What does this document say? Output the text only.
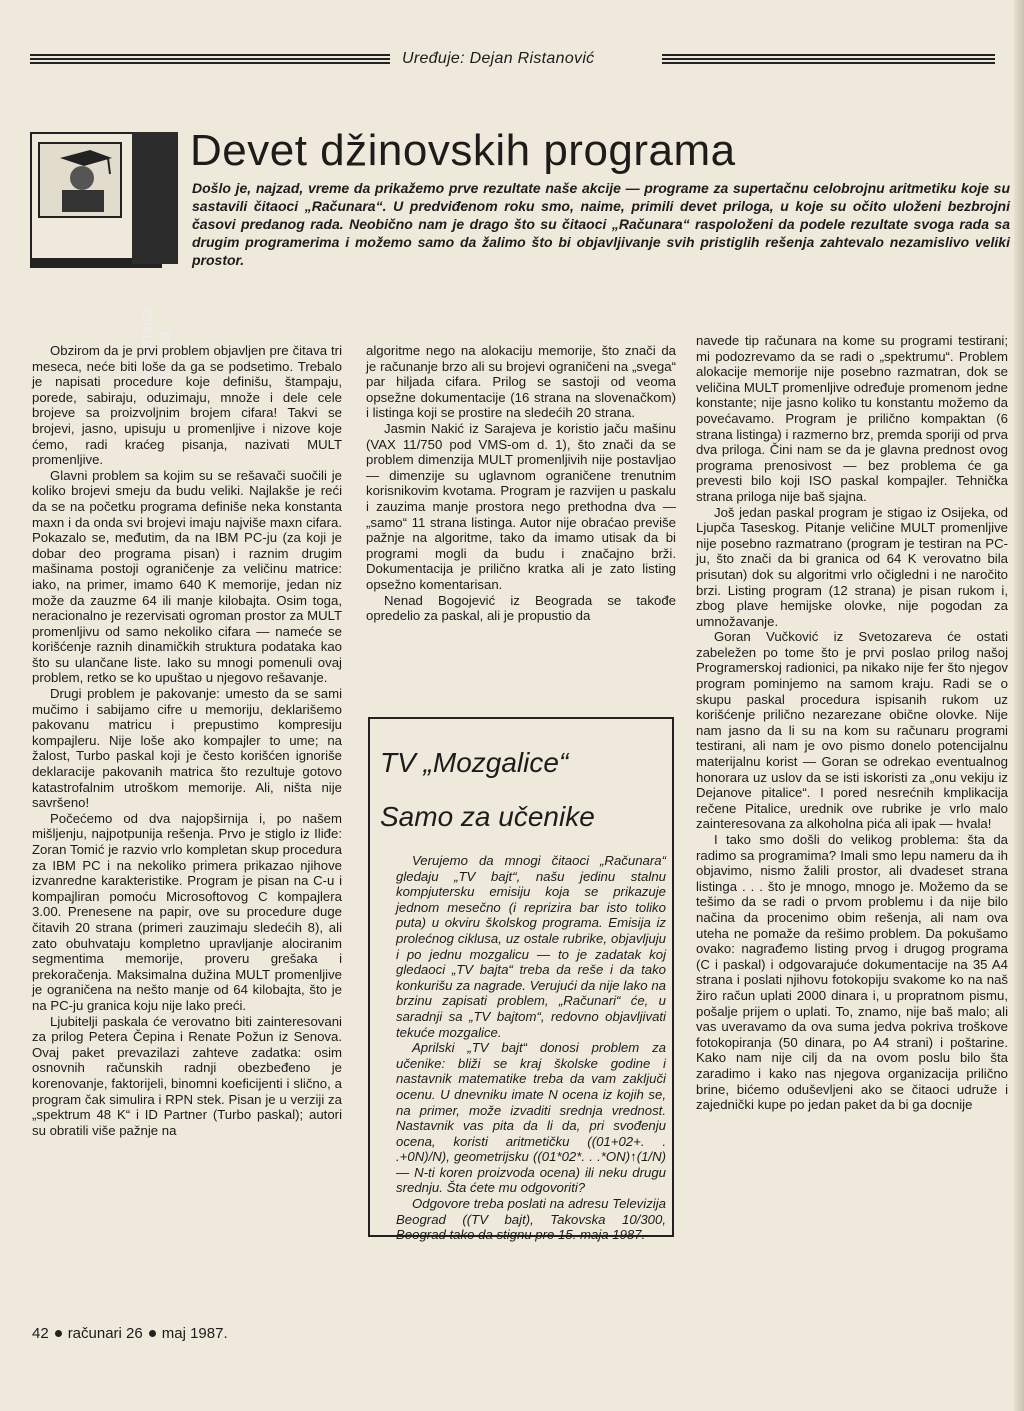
Uređuje: Dejan Ristanović
Programska radionica
Devet džinovskih programa
Došlo je, najzad, vreme da prikažemo prve rezultate naše akcije — programe za supertačnu celobrojnu aritmetiku koje su sastavili čitaoci „Računara“. U predviđenom roku smo, naime, primili devet priloga, u koje su očito uloženi bezbrojni časovi predanog rada. Neobično nam je drago što su čitaoci „Računara“ raspoloženi da podele rezultate svoga rada sa drugim programerima i možemo samo da žalimo što bi objavljivanje svih pristiglih rešenja zahtevalo nezamislivo veliki prostor.

Obzirom da je prvi problem objavljen pre čitava tri meseca, neće biti loše da ga se podsetimo. Trebalo je napisati procedure koje definišu, štampaju, porede, sabiraju, oduzimaju, množe i dele cele brojeve sa proizvoljnim brojem cifara! Takvi se brojevi, jasno, upisuju u promenljive i nizove koje ćemo, radi kraćeg pisanja, nazivati MULT promenljive.

Glavni problem sa kojim su se rešavači suočili je koliko brojevi smeju da budu veliki. Najlakše je reći da se na početku programa definiše neka konstanta maxn i da onda svi brojevi imaju najviše maxn cifara. Pokazalo se, međutim, da na IBM PC-ju (za koji je dobar deo programa pisan) i raznim drugim mašinama postoji ograničenje za veličinu matrice: iako, na primer, imamo 640 K memorije, jedan niz može da zauzme 64 ili manje kilobajta. Osim toga, neracionalno je rezervisati ogroman prostor za MULT promenljivu od samo nekoliko cifara — nameće se korišćenje raznih dinamičkih struktura podataka kao što su ulančane liste. Iako su mnogi pomenuli ovaj problem, retko se ko upuštao u njegovo rešavanje.

Drugi problem je pakovanje: umesto da se sami mučimo i sabijamo cifre u memoriju, deklarišemo pakovanu matricu i prepustimo kompresiju kompajleru. Nije loše ako kompajler to ume; na žalost, Turbo paskal koji je često korišćen ignoriše deklaracije pakovanih matrica što rezultuje gotovo katastrofalnim utroškom memorije. Ali, ništa nije savršeno!

Počećemo od dva najopširnija i, po našem mišljenju, najpotpunija rešenja. Prvo je stiglo iz Iliđe: Zoran Tomić je razvio vrlo kompletan skup procedura za IBM PC i na nekoliko primera prikazao njihove izvanredne karakteristike. Program je pisan na C-u i kompajliran pomoću Microsoftovog C kompajlera 3.00. Prenesene na papir, ove su procedure duge čitavih 20 strana (primeri zauzimaju sledećih 8), ali zato obuhvataju kompletno upravljanje alociranim segmentima memorije, proveru grešaka i prekoračenja. Maksimalna dužina MULT promenljive je ograničena na nešto manje od 64 kilobajta, što je na PC-ju granica koju nije lako preći.

Ljubitelji paskala će verovatno biti zainteresovani za prilog Petera Čepina i Renate Požun iz Senova. Ovaj paket prevazilazi zahteve zadatka: osim osnovnih računskih radnji obezbeđeno je korenovanje, faktorijeli, binomni koeficijenti i slično, a program čak simulira i RPN stek. Pisan je u verziji za „spektrum 48 K“ i ID Partner (Turbo paskal); autori su obratili više pažnje na

algoritme nego na alokaciju memorije, što znači da je računanje brzo ali su brojevi ograničeni na „svega“ par hiljada cifara. Prilog se sastoji od veoma opsežne dokumentacije (16 strana na slovenačkom) i listinga koji se prostire na sledećih 20 strana.

Jasmin Nakić iz Sarajeva je koristio jaču mašinu (VAX 11/750 pod VMS-om d. 1), što znači da se problem dimenzija MULT promenljivih nije postavljao — dimenzije su uglavnom ograničene trenutnim korisnikovim kvotama. Program je razvijen u paskalu i zauzima manje prostora nego prethodna dva — „samo“ 11 strana listinga. Autor nije obraćao previše pažnje na algoritme, tako da imamo utisak da bi programi mogli da budu i značajno brži. Dokumentacija je prilično kratka ali je zato listing opsežno komentarisan.

Nenad Bogojević iz Beograda se takođe opredelio za paskal, ali je propustio da

TV „Mozgalice“
Samo za učenike

Verujemo da mnogi čitaoci „Računara“ gledaju „TV bajt“, našu jedinu stalnu kompjutersku emisiju koja se prikazuje jednom mesečno (i reprizira bar isto toliko puta) u okviru školskog programa. Emisija iz prolećnog ciklusa, uz ostale rubrike, objavljuju i po jednu mozgalicu — to je zadatak koj gledaoci „TV bajta“ treba da reše i da tako konkurišu za nagrade. Verujući da nije lako na brzinu zapisati problem, „Računari“ će, u saradnji sa „TV bajtom“, redovno objavljivati tekuće mozgalice.

Aprilski „TV bajt“ donosi problem za učenike: bliži se kraj školske godine i nastavnik matematike treba da vam zaključi ocenu. U dnevniku imate N ocena iz kojih se, na primer, može izvaditi srednja vrednost. Nastavnik vas pita da li da, pri svođenju ocena, koristi aritmetičku ((01+02+. . .+0N)/N), geometrijsku ((01*02*. . .*ON)↑(1/N) — N-ti koren proizvoda ocena) ili neku drugu srednju. Šta ćete mu odgovoriti?

Odgovore treba poslati na adresu Televizija Beograd ((TV bajt), Takovska 10/300, Beograd tako da stignu pre 15. maja 1987.

navede tip računara na kome su programi testirani; mi podozrevamo da se radi o „spektrumu“. Problem alokacije memorije nije posebno razmatran, dok se veličina MULT promenljive određuje promenom jedne konstante; nije jasno koliko tu konstantu možemo da povećavamo. Program je prilično kompaktan (6 strana listinga) i razmerno brz, premda sporiji od prva dva priloga. Čini nam se da je glavna prednost ovog programa prenosivost — bez problema će ga prevesti bilo koji ISO paskal kompajler. Tehnička strana priloga nije baš sjajna.

Još jedan paskal program je stigao iz Osijeka, od Ljupča Taseskog. Pitanje veličine MULT promenljive nije posebno razmatrano (program je testiran na PC-ju, što znači da bi granica od 64 K verovatno bila prisutan) dok su algoritmi vrlo očigledni i ne naročito brzi. Listing program (12 strana) je pisan rukom i, zbog plave hemijske olovke, nije pogodan za umnožavanje.

Goran Vučković iz Svetozareva će ostati zabeležen po tome što je prvi poslao prilog našoj Programerskoj radionici, pa nikako nije fer što njegov program pominjemo na samom kraju. Radi se o skupu paskal procedura ispisanih rukom uz korišćenje prilično nezarezane obične olovke. Nije nam jasno da li su na kom su računaru programi testirani, ali nam je ovo pismo donelo potencijalnu materijalnu korist — Goran se odrekao eventualnog honorara uz uslov da se isti iskoristi za „onu vekiju iz Dejanove pitalice“. I pored nesrećnih kmplikacija rečene Pitalice, urednik ove rubrike je vrlo malo zainteresovana za alkoholna pića ali ipak — hvala!

I tako smo došli do velikog problema: šta da radimo sa programima? Imali smo lepu nameru da ih objavimo, nismo žalili prostor, ali dvadeset strana listinga . . . što je mnogo, mnogo je. Možemo da se tešimo da se radi o prvom problemu i da nije bilo načina da procenimo obim rešenja, ali nam ova uteha ne pomaže da rešimo problem. Da pokušamo ovako: nagrađemo listing prvog i drugog programa (C i paskal) i odgovarajuće dokumentacije na 35 A4 strana i poslati njihovu fotokopiju svakome ko na naš žiro račun uplati 2000 dinara i, u propratnom pismu, pošalje prijem o uplati. To, znamo, nije baš malo; ali vas uveravamo da ova suma jedva pokriva troškove fotokopiranja (50 dinara, po A4 strani) i poštarine. Kako nam nije cilj da na ovom poslu bilo šta zaradimo i kako nas njegova organizacija prilično brine, bićemo oduševljeni ako se čitaoci udruže i zajednički kupe po jedan paket da bi ga docnije

42 računari 26 maj 1987.
